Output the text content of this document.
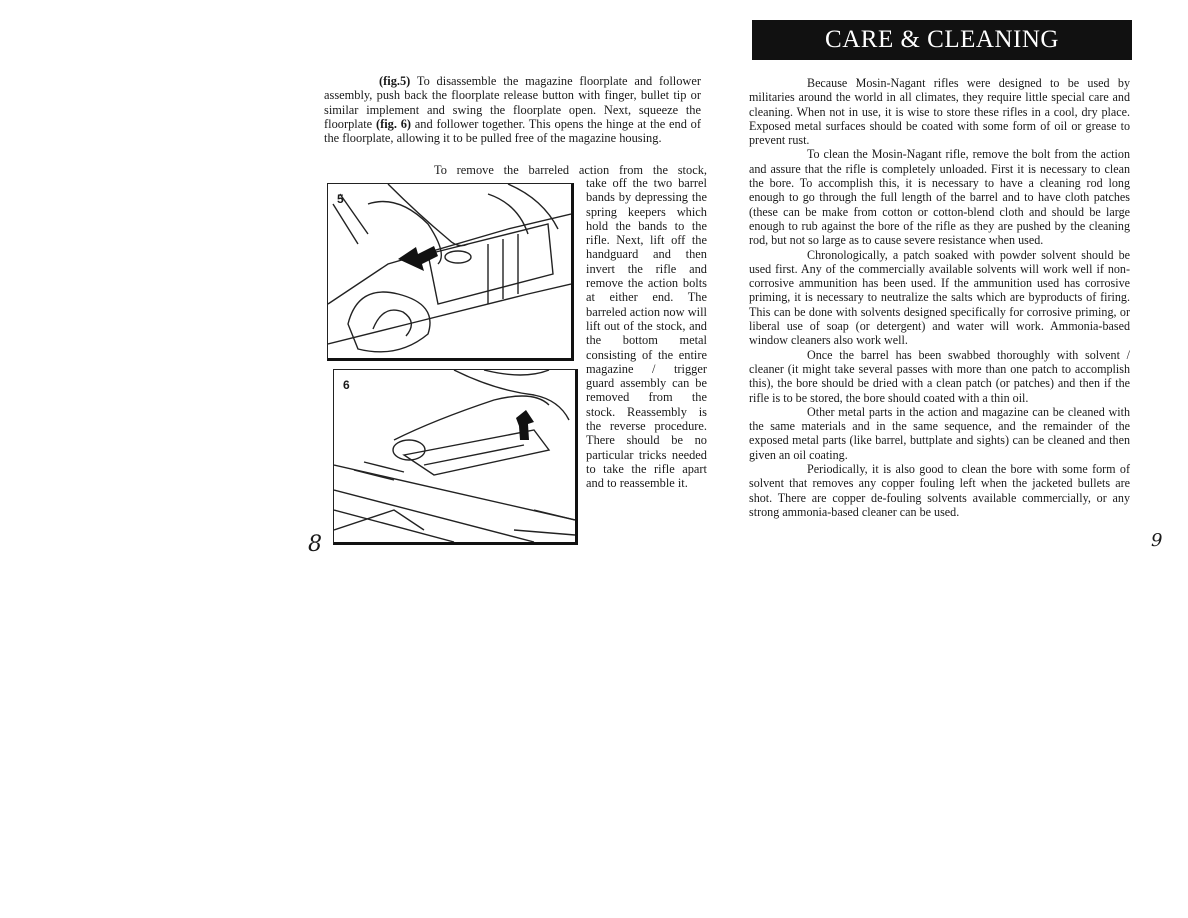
(fig.5) To disassemble the magazine floorplate and follower assembly, push back the floorplate release button with finger, bullet tip or similar implement and swing the floorplate open. Next, squeeze the floorplate (fig. 6) and follower together. This opens the hinge at the end of the floorplate, allowing it to be pulled free of the magazine housing.

To remove the barreled action from the stock,
take off the two barrel bands by depressing the spring keepers which hold the bands to the rifle. Next, lift off the handguard and then invert the rifle and remove the action bolts at either end. The barreled action now will lift out of the stock, and the bottom metal consisting of the entire magazine / trigger guard assembly can be removed from the stock. Reassembly is the reverse procedure. There should be no particular tricks needed to take the rifle apart and to reassemble it.
5
6
8
CARE & CLEANING

Because Mosin-Nagant rifles were designed to be used by militaries around the world in all climates, they require little special care and cleaning. When not in use, it is wise to store these rifles in a cool, dry place. Exposed metal surfaces should be coated with some form of oil or grease to prevent rust.

To clean the Mosin-Nagant rifle, remove the bolt from the action and assure that the rifle is completely unloaded. First it is necessary to clean the bore. To accomplish this, it is necessary to have a cleaning rod long enough to go through the full length of the barrel and to have cloth patches (these can be make from cotton or cotton-blend cloth and should be large enough to rub against the bore of the rifle as they are pushed by the cleaning rod, but not so large as to cause severe resistance when used.

Chronologically, a patch soaked with powder solvent should be used first. Any of the commercially available solvents will work well if non-corrosive ammunition has been used. If the ammunition used has corrosive priming, it is necessary to neutralize the salts which are byproducts of firing. This can be done with solvents designed specifically for corrosive priming, or liberal use of soap (or detergent) and water will work. Ammonia-based window cleaners also work well.

Once the barrel has been swabbed thoroughly with solvent / cleaner (it might take several passes with more than one patch to accomplish this), the bore should be dried with a clean patch (or patches) and then if the rifle is to be stored, the bore should coated with a thin oil.

Other metal parts in the action and magazine can be cleaned with the same materials and in the same sequence, and the remainder of the exposed metal parts (like barrel, buttplate and sights) can be cleaned and then given an oil coating.

Periodically, it is also good to clean the bore with some form of solvent that removes any copper fouling left when the jacketed bullets are shot. There are copper de-fouling solvents available commercially, or any strong ammonia-based cleaner can be used.

9
